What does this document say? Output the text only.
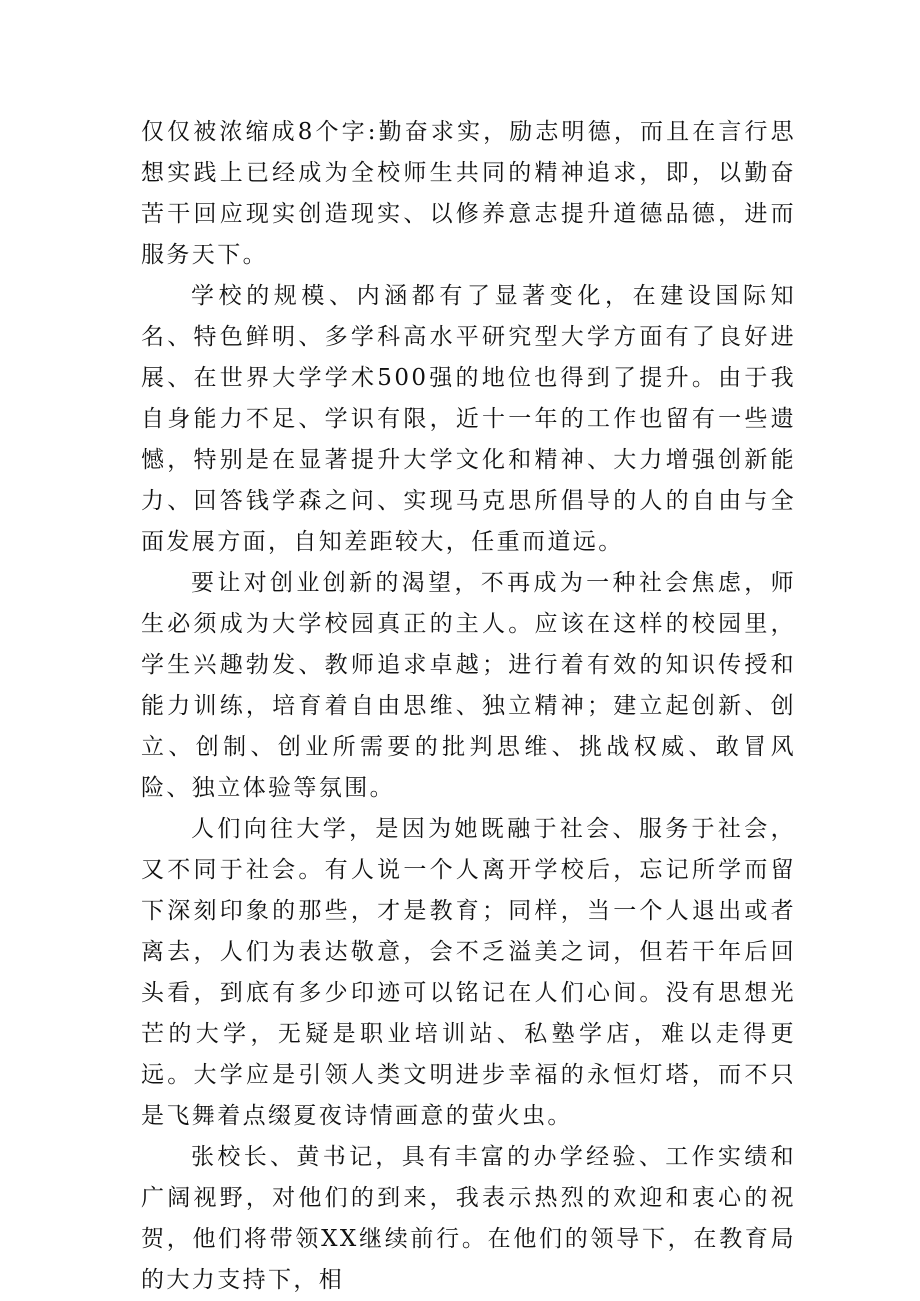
仅仅被浓缩成8个字:勤奋求实，励志明德，而且在言行思想实践上已经成为全校师生共同的精神追求，即，以勤奋苦干回应现实创造现实、以修养意志提升道德品德，进而服务天下。

学校的规模、内涵都有了显著变化，在建设国际知名、特色鲜明、多学科高水平研究型大学方面有了良好进展、在世界大学学术500强的地位也得到了提升。由于我自身能力不足、学识有限，近十一年的工作也留有一些遗憾，特别是在显著提升大学文化和精神、大力增强创新能力、回答钱学森之问、实现马克思所倡导的人的自由与全面发展方面，自知差距较大，任重而道远。

要让对创业创新的渴望，不再成为一种社会焦虑，师生必须成为大学校园真正的主人。应该在这样的校园里，学生兴趣勃发、教师追求卓越；进行着有效的知识传授和能力训练，培育着自由思维、独立精神；建立起创新、创立、创制、创业所需要的批判思维、挑战权威、敢冒风险、独立体验等氛围。

人们向往大学，是因为她既融于社会、服务于社会，又不同于社会。有人说一个人离开学校后，忘记所学而留下深刻印象的那些，才是教育；同样，当一个人退出或者离去，人们为表达敬意，会不乏溢美之词，但若干年后回头看，到底有多少印迹可以铭记在人们心间。没有思想光芒的大学，无疑是职业培训站、私塾学店，难以走得更远。大学应是引领人类文明进步幸福的永恒灯塔，而不只是飞舞着点缀夏夜诗情画意的萤火虫。

张校长、黄书记，具有丰富的办学经验、工作实绩和广阔视野，对他们的到来，我表示热烈的欢迎和衷心的祝贺，他们将带领XX继续前行。在他们的领导下，在教育局的大力支持下，相
